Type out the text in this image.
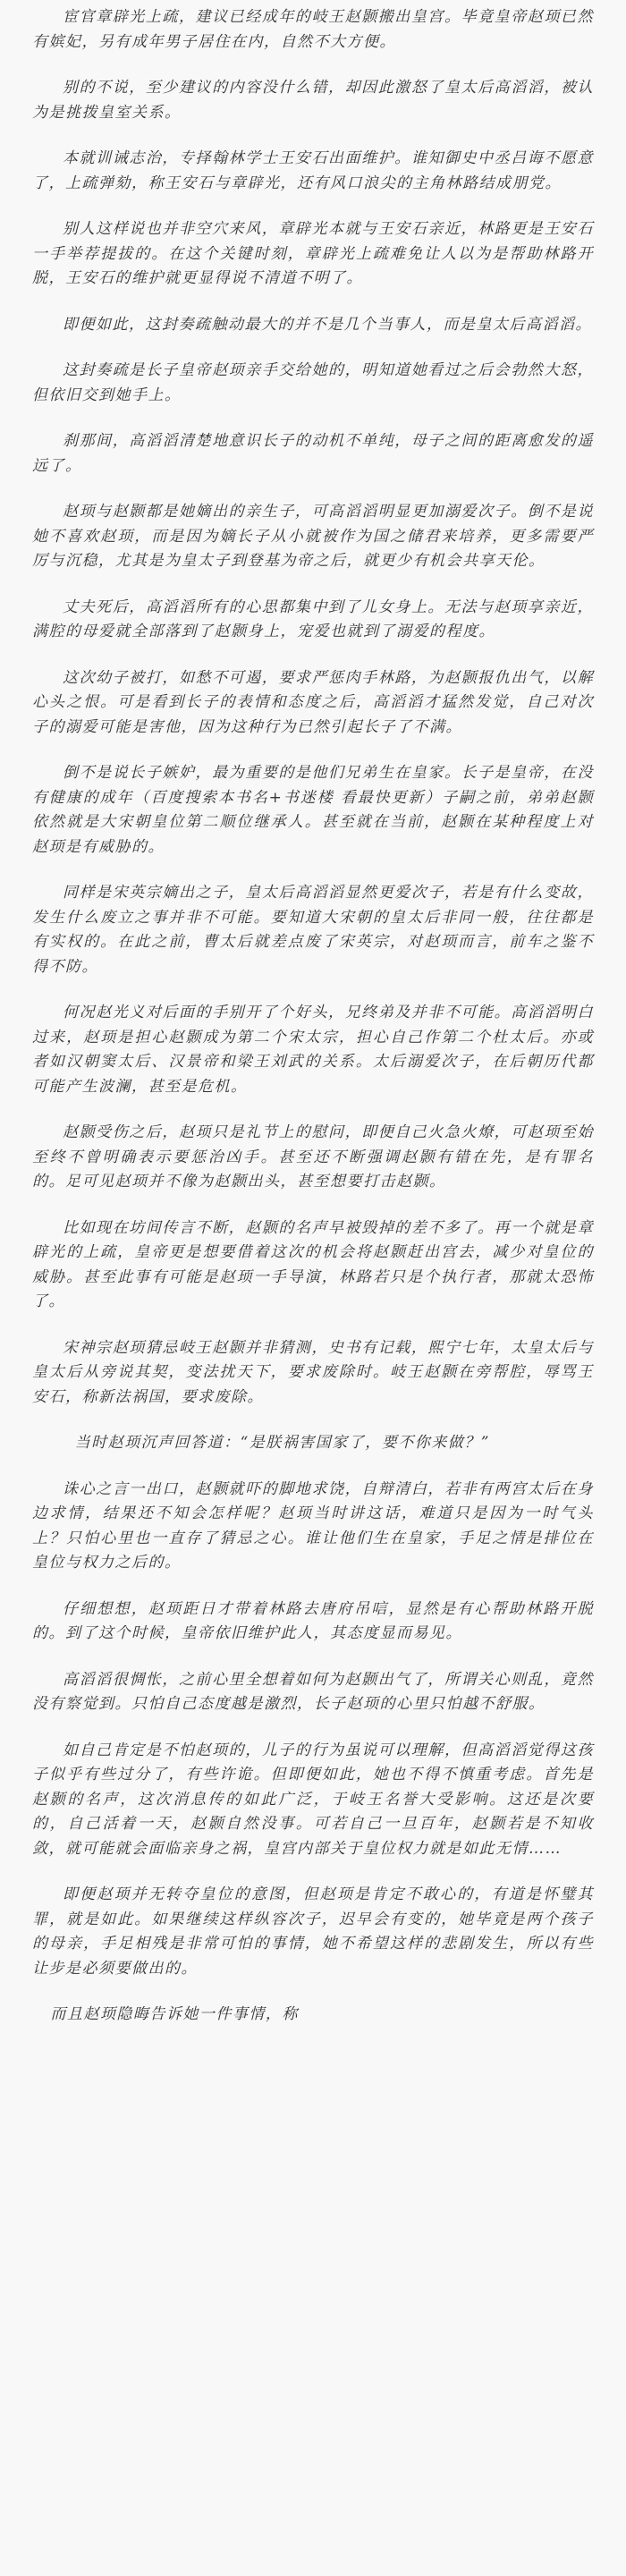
宦官章辟光上疏，建议已经成年的岐王赵颢搬出皇宫。毕竟皇帝赵顼已然有嫔妃，另有成年男子居住在内，自然不大方便。

别的不说，至少建议的内容没什么错，却因此激怒了皇太后高滔滔，被认为是挑拨皇室关系。

本就训诫志治，专择翰林学士王安石出面维护。谁知御史中丞吕诲不愿意了，上疏弹劾，称王安石与章辟光，还有风口浪尖的主角林路结成朋党。

别人这样说也并非空穴来风，章辟光本就与王安石亲近，林路更是王安石一手举荐提拔的。在这个关键时刻，章辟光上疏难免让人以为是帮助林路开脱，王安石的维护就更显得说不清道不明了。

即便如此，这封奏疏触动最大的并不是几个当事人，而是皇太后高滔滔。

这封奏疏是长子皇帝赵顼亲手交给她的，明知道她看过之后会勃然大怒，但依旧交到她手上。

刹那间，高滔滔清楚地意识长子的动机不单纯，母子之间的距离愈发的遥远了。

赵顼与赵颢都是她嫡出的亲生子，可高滔滔明显更加溺爱次子。倒不是说她不喜欢赵顼，而是因为嫡长子从小就被作为国之储君来培养，更多需要严厉与沉稳，尤其是为皇太子到登基为帝之后，就更少有机会共享天伦。

丈夫死后，高滔滔所有的心思都集中到了儿女身上。无法与赵顼享亲近，满腔的母爱就全部落到了赵颢身上，宠爱也就到了溺爱的程度。

这次幼子被打，如愁不可遏，要求严惩肉手林路，为赵颢报仇出气，以解心头之恨。可是看到长子的表情和态度之后，高滔滔才猛然发觉，自己对次子的溺爱可能是害他，因为这种行为已然引起长子了不满。

倒不是说长子嫉妒，最为重要的是他们兄弟生在皇家。长子是皇帝，在没有健康的成年（百度搜索本书名+书迷楼 看最快更新）子嗣之前，弟弟赵颢依然就是大宋朝皇位第二顺位继承人。甚至就在当前，赵颢在某种程度上对赵顼是有威胁的。

同样是宋英宗嫡出之子，皇太后高滔滔显然更爱次子，若是有什么变故，发生什么废立之事并非不可能。要知道大宋朝的皇太后非同一般，往往都是有实权的。在此之前，曹太后就差点废了宋英宗，对赵顼而言，前车之鉴不得不防。

何况赵光义对后面的手别开了个好头，兄终弟及并非不可能。高滔滔明白过来，赵顼是担心赵颢成为第二个宋太宗，担心自己作第二个杜太后。亦或者如汉朝窦太后、汉景帝和梁王刘武的关系。太后溺爱次子，在后朝历代都可能产生波澜，甚至是危机。

赵颢受伤之后，赵顼只是礼节上的慰问，即便自己火急火燎，可赵顼至始至终不曾明确表示要惩治凶手。甚至还不断强调赵颢有错在先，是有罪名的。足可见赵顼并不像为赵颢出头，甚至想要打击赵颢。

比如现在坊间传言不断，赵颢的名声早被毁掉的差不多了。再一个就是章辟光的上疏，皇帝更是想要借着这次的机会将赵颢赶出宫去，减少对皇位的威胁。甚至此事有可能是赵顼一手导演，林路若只是个执行者，那就太恐怖了。

宋神宗赵顼猜忌岐王赵颢并非猜测，史书有记载，熙宁七年，太皇太后与皇太后从旁说其契，变法扰天下，要求废除时。岐王赵颢在旁帮腔，辱骂王安石，称新法祸国，要求废除。

当时赵顼沉声回答道：“是朕祸害国家了，要不你来做？”

诛心之言一出口，赵颢就吓的脚地求饶，自辩清白，若非有两宫太后在身边求情，结果还不知会怎样呢？赵顼当时讲这话，难道只是因为一时气头上？只怕心里也一直存了猜忌之心。谁让他们生在皇家，手足之情是排位在皇位与权力之后的。

仔细想想，赵顼距日才带着林路去唐府吊唁，显然是有心帮助林路开脱的。到了这个时候，皇帝依旧维护此人，其态度显而易见。

高滔滔很惆怅，之前心里全想着如何为赵颢出气了，所谓关心则乱，竟然没有察觉到。只怕自己态度越是激烈，长子赵顼的心里只怕越不舒服。

如自己肯定是不怕赵顼的，儿子的行为虽说可以理解，但高滔滔觉得这孩子似乎有些过分了，有些许诡。但即便如此，她也不得不慎重考虑。首先是赵颢的名声，这次消息传的如此广泛，于岐王名誉大受影响。这还是次要的，自己活着一天，赵颢自然没事。可若自己一旦百年，赵颢若是不知收敛，就可能就会面临亲身之祸，皇宫内部关于皇位权力就是如此无情……

即便赵顼并无转夺皇位的意图，但赵顼是肯定不敢心的，有道是怀璧其罪，就是如此。如果继续这样纵容次子，迟早会有变的，她毕竟是两个孩子的母亲，手足相残是非常可怕的事情，她不希望这样的悲剧发生，所以有些让步是必须要做出的。

而且赵顼隐晦告诉她一件事情，称
